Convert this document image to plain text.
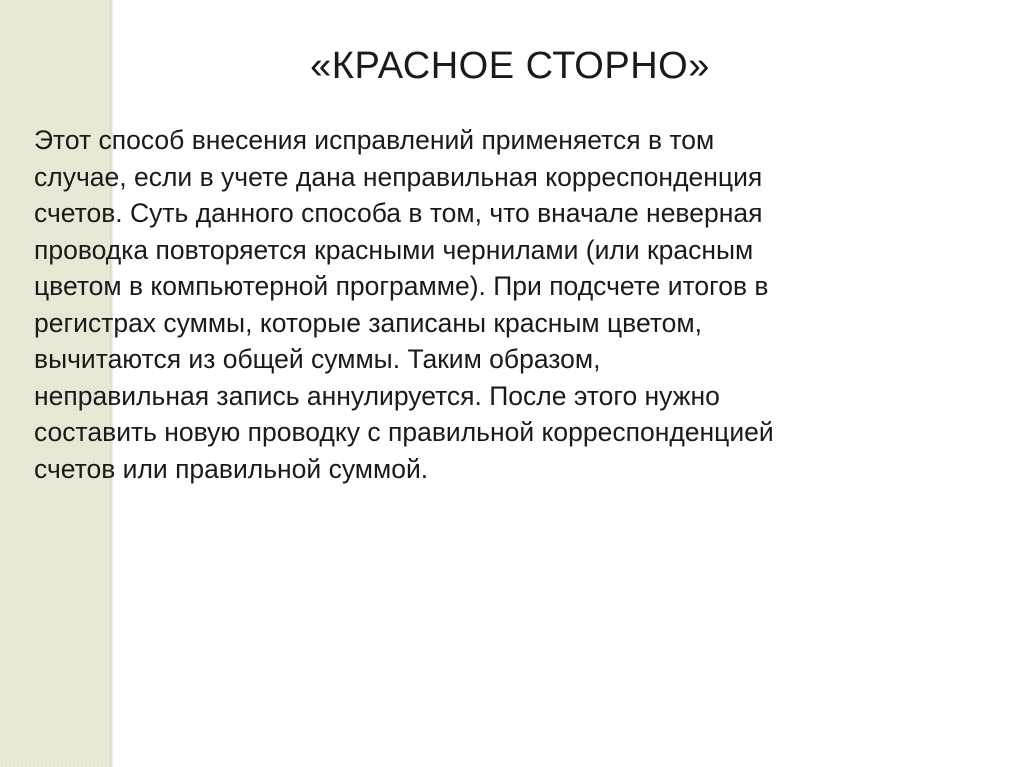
«КРАСНОЕ СТОРНО»

Этот способ внесения исправлений применяется в том
случае, если в учете дана неправильная корреспонденция
счетов. Суть данного способа в том, что вначале неверная
проводка повторяется красными чернилами (или красным
цветом в компьютерной программе). При подсчете итогов в
регистрах суммы, которые записаны красным цветом,
вычитаются из общей суммы. Таким образом,
неправильная запись аннулируется. После этого нужно
составить новую проводку с правильной корреспонденцией
счетов или правильной суммой.
